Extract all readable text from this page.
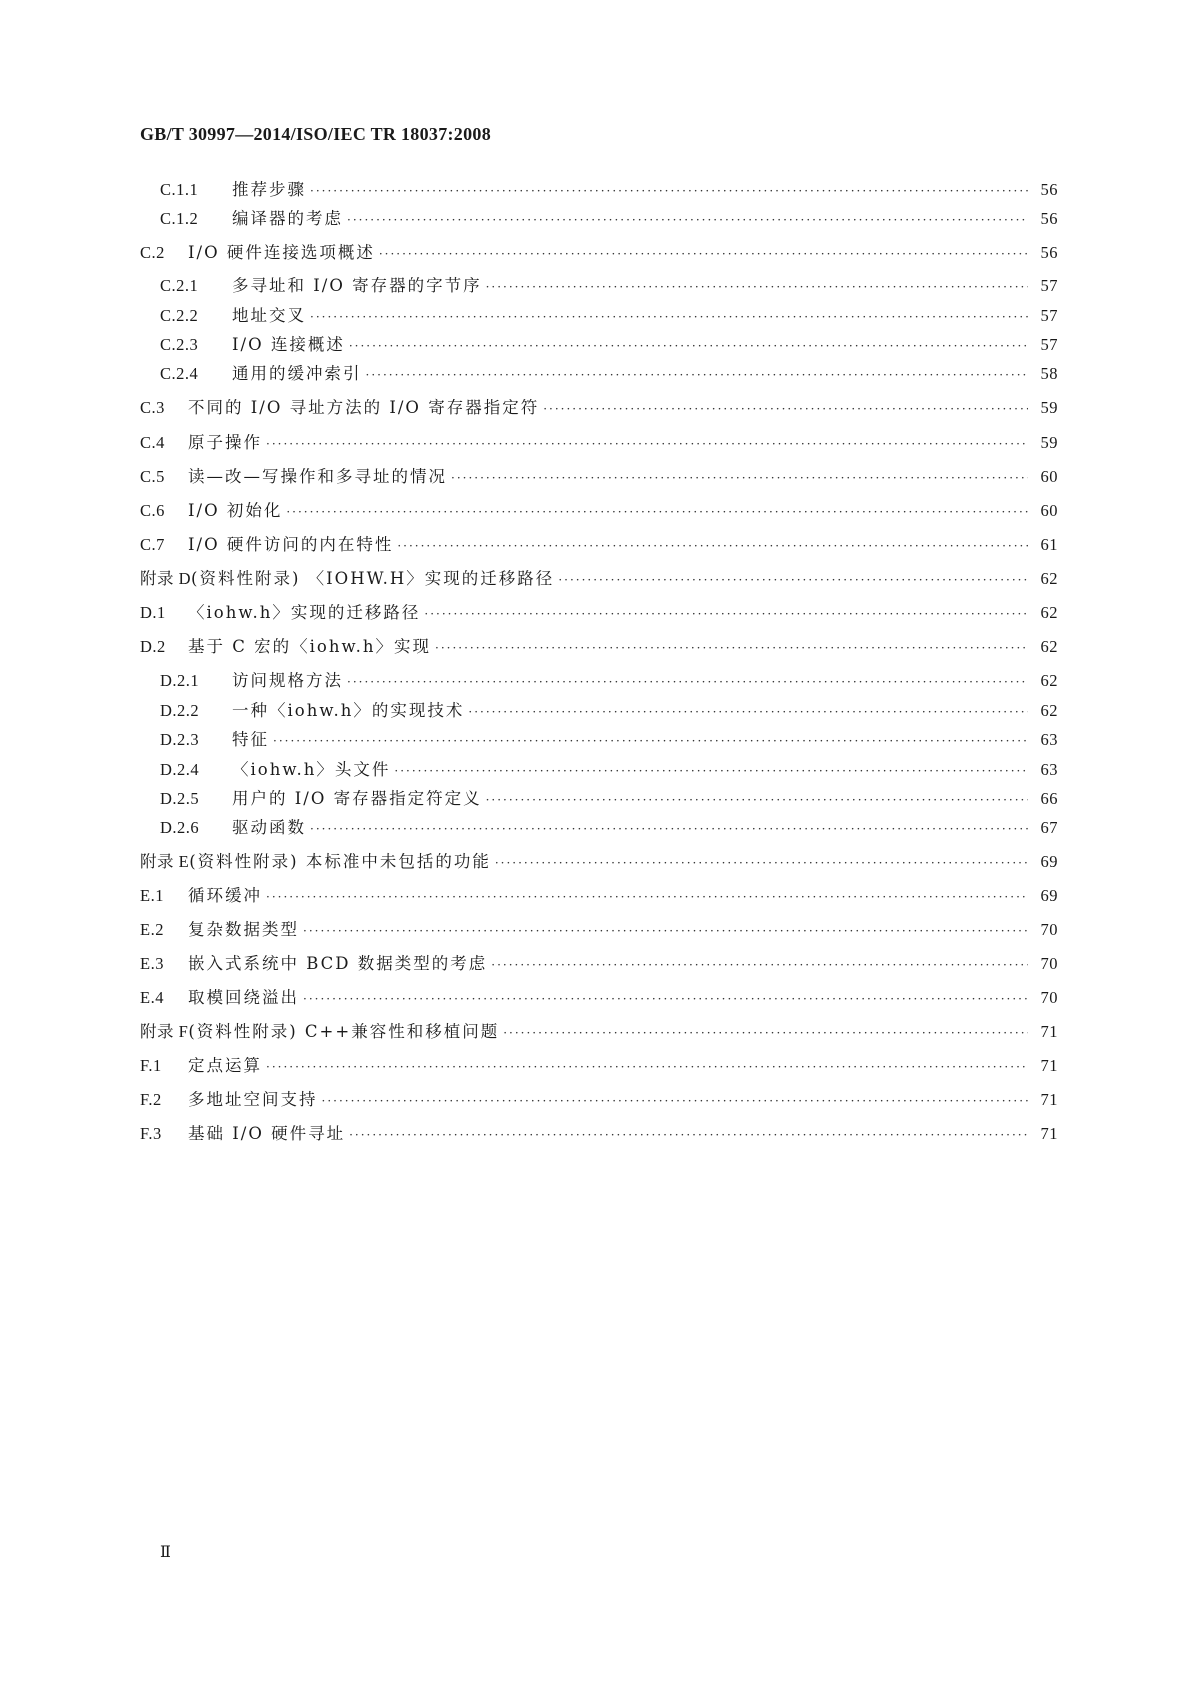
GB/T 30997—2014/ISO/IEC TR 18037:2008
C.1.1	推荐步骤 ·····	56
C.1.2	编译器的考虑 ·····	56
C.2	I/O 硬件连接选项概述 ·····	56
C.2.1	多寻址和 I/O 寄存器的字节序 ·····	57
C.2.2	地址交叉 ·····	57
C.2.3	I/O 连接概述 ·····	57
C.2.4	通用的缓冲索引 ·····	58
C.3	不同的 I/O 寻址方法的 I/O 寄存器指定符 ·····	59
C.4	原子操作 ·····	59
C.5	读—改—写操作和多寻址的情况 ·····	60
C.6	I/O 初始化 ·····	60
C.7	I/O 硬件访问的内在特性 ·····	61
附录 D (资料性附录) 〈IOHW.H〉实现的迁移路径 ·····	62
D.1	〈iohw.h〉实现的迁移路径 ·····	62
D.2	基于 C 宏的〈iohw.h〉实现 ·····	62
D.2.1	访问规格方法 ·····	62
D.2.2	一种〈iohw.h〉的实现技术 ·····	62
D.2.3	特征 ·····	63
D.2.4	〈iohw.h〉头文件 ·····	63
D.2.5	用户的 I/O 寄存器指定符定义 ·····	66
D.2.6	驱动函数 ·····	67
附录 E (资料性附录) 本标准中未包括的功能 ·····	69
E.1	循环缓冲 ·····	69
E.2	复杂数据类型 ·····	70
E.3	嵌入式系统中 BCD 数据类型的考虑 ·····	70
E.4	取模回绕溢出 ·····	70
附录 F (资料性附录) C++兼容性和移植问题 ·····	71
F.1	定点运算 ·····	71
F.2	多地址空间支持 ·····	71
F.3	基础 I/O 硬件寻址 ·····	71
Ⅱ
